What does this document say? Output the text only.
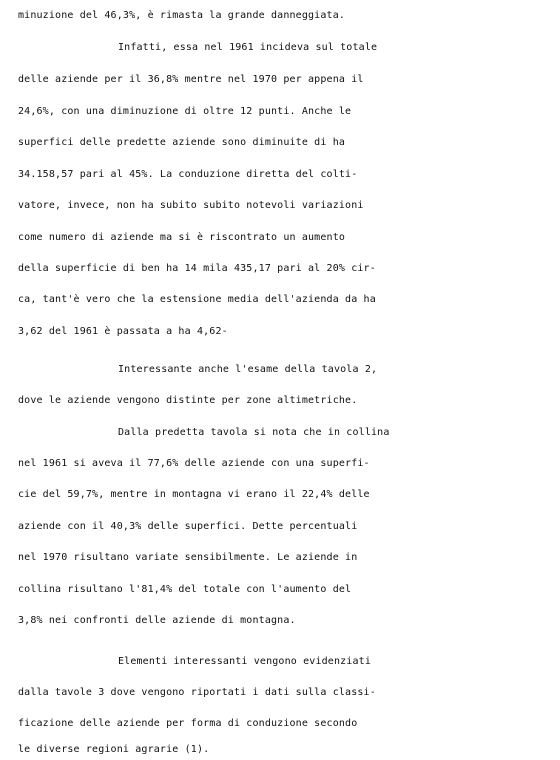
minuzione del 46,3%, è rimasta la grande danneggiata.
Infatti, essa nel 1961 incideva sul totale
delle aziende per il 36,8% mentre nel 1970 per appena il
24,6%, con una diminuzione di oltre 12 punti. Anche le
superfici delle predette aziende sono diminuite di ha
34.158,57 pari al 45%. La conduzione diretta del colti-
vatore, invece, non ha subito subito notevoli variazioni
come numero di aziende ma si è riscontrato un aumento
della superficie di ben ha 14 mila 435,17 pari al 20% cir-
ca, tant'è vero che la estensione media dell'azienda da ha
3,62 del 1961 è passata a ha 4,62-
Interessante anche l'esame della tavola 2,
dove le aziende vengono distinte per zone altimetriche.
Dalla predetta tavola si nota che in collina
nel 1961 si aveva il 77,6% delle aziende con una superfi-
cie del 59,7%, mentre in montagna vi erano il 22,4% delle
aziende con il 40,3% delle superfici. Dette percentuali
nel 1970 risultano variate sensibilmente. Le aziende in
collina risultano l'81,4% del totale con l'aumento del
3,8% nei confronti delle aziende di montagna.
Elementi interessanti vengono evidenziati
dalla tavole 3 dove vengono riportati i dati sulla classi-
ficazione delle aziende per forma di conduzione secondo
le diverse regioni agrarie (1).
